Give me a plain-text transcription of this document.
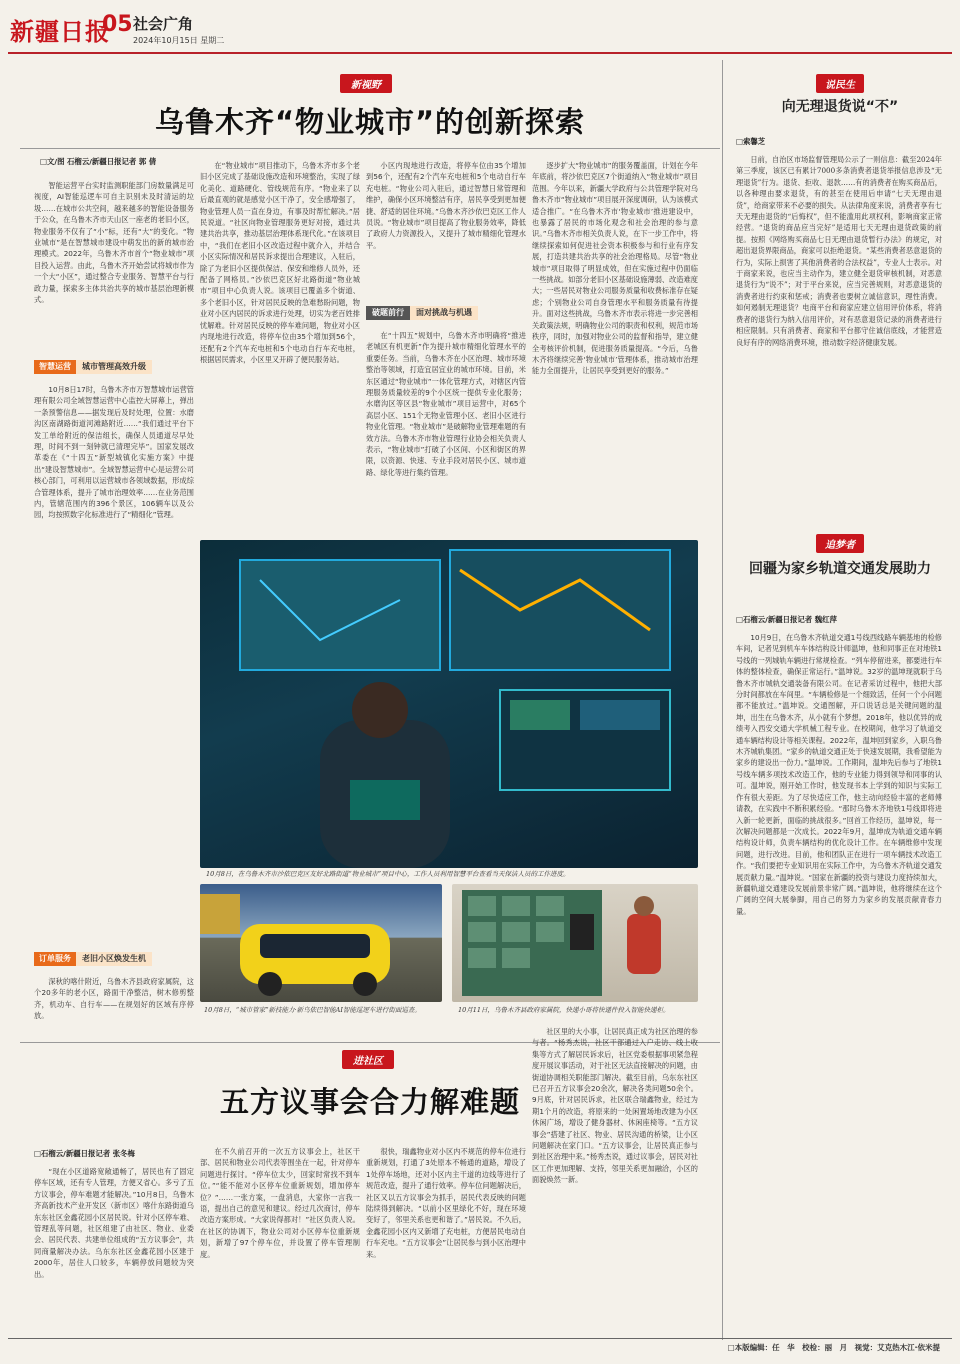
新疆日报
05 社会广角
2024年10月15日 星期二
新视野
乌鲁木齐“物业城市”的创新探索
□文/图 石榴云/新疆日报记者 郭 倩
智能运营平台实时监测职能部门房数量满足可视度，AI智能巡逻车可自主识别未及时清运的垃圾……在城市公共空间，越来越多的智能设备服务于公众，在乌鲁木齐市天山区一座老的老旧小区，物业服务不仅有了“小”标，还有“大”的变化。“物业城市”是在智慧城市建设中萌发出的新的城市治理模式。2022年，乌鲁木齐市首个“物业城市”项目投入运营。由此，乌鲁木齐开始尝试将城市作为一个大“小区”，通过整合专业服务、智慧平台与行政力量，探索多主体共治共享的城市基层治理新模式。
智慧运营	城市管理高效升级
10月8日17时，乌鲁木齐市万智慧城市运营管理有限公司全域智慧运营中心监控大屏幕上，弹出一条预警信息——据发现后及时处理，位置：水磨沟区南湖路街道河滩路附近……“我们通过平台下发工单给附近的保洁组长，确保人员通道尽早处理，时间不到一刻钟就已清理完毕”。国家发展改革委在《“十四五”新型城镇化实施方案》中提出“建设智慧城市”。全域智慧运营中心是运营公司核心部门，可利用以运营城市各领域数据，形成综合管理体系，提升了城市治理效率……在业务范围内，管辖范围内的396个景区，106辆车以及公园，均按照数字化标准进行了“精细化”管理。
在“物业城市”项目推动下，乌鲁木齐市多个老旧小区完成了基础设施改造和环境整治，实现了绿化美化、道路硬化、管线规范有序。“物业来了以后最直观的就是感觉小区干净了，安全感增强了，物业管理人员一直在身边，有事及时帮忙解决。”居民说道。“社区向物业管理服务更好对接，通过共建共治共享，推动基层治理体系现代化。”在该项目中，“我们在老旧小区改造过程中就介入，并结合小区实际情况和居民诉求提出合理建议，入驻后，除了为老旧小区提供保洁、保安和维修人员外，还配备了网格员。”沙依巴克区好北路街道“物业城市”项目中心负责人说。该项目已覆盖多个街道、多个老旧小区，针对居民反映的急难愁盼问题，物业对小区内居民的诉求进行处理，切实为老百姓排忧解难。针对居民反映的停车难问题，物业对小区内现地进行改造，将停车位由35个增加到56个，还配有2个汽车充电桩和5个电动自行车充电桩，根据居民需求，小区里又开辟了便民服务站。
小区内现地进行改造，将停车位由35个增加到56个，还配有2个汽车充电桩和5个电动自行车充电桩。“物业公司入驻后，通过智慧日常管理和维护，确保小区环境整洁有序，居民享受到更加便捷、舒适的居住环境。”乌鲁木齐沙依巴克区工作人员说。“物业城市”项目提高了物业服务效率，降低了政府人力资源投入，又提升了城市精细化管理水平。
破题前行	面对挑战与机遇
在“十四五”规划中，乌鲁木齐市明确将“推进老城区有机更新”作为提升城市精细化管理水平的重要任务。当前，乌鲁木齐在小区治理、城市环境整治等领域，打造宜居宜业的城市环境。目前，米东区通过“物业城市”一体化管理方式，对辖区内管理服务质量较差的9个小区统一提供专业化服务；水磨沟区等区县“物业城市”项目运营中，对65个高层小区、151个无物业管理小区、老旧小区进行物业化管理。“物业城市”是破解物业管理难题的有效方法。乌鲁木齐市物业管理行业协会相关负责人表示，“物业城市”打破了小区间、小区和街区的界限，以资源、快速、专业手段对居民小区、城市道路、绿化等进行集约管理。
逐步扩大“物业城市”的服务覆盖面，计划在今年年底前，将沙依巴克区7个街道纳入“物业城市”项目范围。今年以来，新疆大学政府与公共管理学院对乌鲁木齐市“物业城市”项目展开深度调研，认为该模式适合推广。“在乌鲁木齐市‘物业城市’推进建设中，也暴露了居民的市场化观念和社会治理的参与意识。”乌鲁木齐市相关负责人说，在下一步工作中，将继续探索如何促进社会资本积极参与和行业有序发展，打造共建共治共享的社会治理格局。尽管“物业城市”项目取得了明显成效，但在实施过程中仍面临一些挑战。如部分老旧小区基础设施薄弱、改造难度大；一些居民对物业公司服务质量和收费标准存在疑虑；个别物业公司自身管理水平和服务质量有待提升。面对这些挑战，乌鲁木齐市表示将进一步完善相关政策法规，明确物业公司的职责和权利，规范市场秩序，同时，加强对物业公司的监督和指导，建立健全考核评价机制，促进服务质量提高。“今后，乌鲁木齐将继续完善‘物业城市’管理体系，推动城市治理能力全面提升，让居民享受到更好的服务。”
10月8日，在乌鲁木齐市沙依巴克区友好北路街道“物业城市”项目中心，工作人员利用智慧平台查看当天保洁人员的工作进度。
10月8日，“城市管家”新技能力·新乌依巴智能AI智能巡逻车进行街面巡查。	10月11日，乌鲁木齐县政府家属院，快递小哥将快递件投入智能快递柜。
订单服务	老旧小区焕发生机
深秋的喀什附近，乌鲁木齐县政府家属院，这个20多年的老小区，路面干净整洁，树木修剪整齐，机动车、自行车——在规划好的区域有序停放。
说民生
向无理退货说“不”
□索馨芝
日前，自治区市场监督管理局公示了一则信息：截至2024年第三季度，该区已有累计7000多条消费者退货举报信息涉及“无理退货”行为。退货、拒收、退款……有的消费者在购买商品后，以各种理由要求退货，有的甚至在使用后申请“七天无理由退货”，给商家带来不必要的损失。从法律角度来说，消费者享有七天无理由退货的“后悔权”，但不能滥用此项权利，影响商家正常经营。“退货的商品应当完好”是适用七天无理由退货政策的前提。按照《网络购买商品七日无理由退货暂行办法》的规定，对超出退货界限商品，商家可以拒绝退货。“某些消费者恶意退货的行为，实际上损害了其他消费者的合法权益”，专业人士表示。对于商家来说，也应当主动作为，建立健全退货审核机制，对恶意退货行为“说不”；对于平台来说，应当完善规则，对恶意退货的消费者进行约束和惩戒；消费者也要树立诚信意识，理性消费。如何遏制无理退货？电商平台和商家应建立信用评价体系，将消费者的退货行为纳入信用评价，对有恶意退货记录的消费者进行相应限制。只有消费者、商家和平台都守住诚信底线，才能营造良好有序的网络消费环境，推动数字经济健康发展。
追梦者
回疆为家乡轨道交通发展助力
□石榴云/新疆日报记者 魏红萍
10月9日，在乌鲁木齐轨道交通1号线西线路车辆基地的检修车间，记者见到机车车体结构设计师温坤，他和同事正在对地铁1号线的一列城轨车辆进行常规检查。“列车停留进来，都要进行车体的整体检查，确保正常运行。”温坤说。32岁的温坤现就职于乌鲁木齐市城轨交通装备有限公司。在记者采访过程中，他把大部分时间都放在车间里。“车辆检修是一个细致活，任何一个小问题都不能放过。”温坤说。交通图解，开口说话总是关键问题的温坤，出生在乌鲁木齐，从小就有个梦想。2018年，他以优异的成绩考入西安交通大学机械工程专业。在校期间，他学习了轨道交通车辆结构设计等相关课程。2022年，温坤回到家乡，入职乌鲁木齐城轨集团。“家乡的轨道交通正处于快速发展期，我希望能为家乡的建设出一份力。”温坤说。工作期间，温坤先后参与了地铁1号线车辆多项技术改造工作，他的专业能力得到领导和同事的认可。温坤说，刚开始工作时，他发现书本上学到的知识与实际工作有很大差距。为了尽快适应工作，他主动向经验丰富的老师傅请教，在实践中不断积累经验。“那时乌鲁木齐地铁1号线即将进入新一轮更新，面临的挑战很多。”回首工作经历，温坤说，每一次解决问题都是一次成长。2022年9月，温坤成为轨道交通车辆结构设计师，负责车辆结构的优化设计工作。在车辆维修中发现问题，进行改进。目前，他和团队正在进行一项车辆技术改造工作。“我们要把专业知识用在实际工作中，为乌鲁木齐轨道交通发展贡献力量。”温坤说。“国家在新疆的投资与建设力度持续加大，新疆轨道交通建设发展前景非常广阔。”温坤说，他将继续在这个广阔的空间大展拳脚，用自己的努力为家乡的发展贡献青春力量。
进社区
五方议事会合力解难题
□石榴云/新疆日报记者 张冬梅
“现在小区道路宽敞通畅了，居民也有了固定停车区域，还有专人管理，方便又省心。多亏了五方议事会，停车难题才能解决。”10月8日，乌鲁木齐高新技术产业开发区（新市区）喀什东路街道乌东东社区金鑫花园小区居民说。针对小区停车难、管理乱等问题，社区组建了由社区、物业、业委会、居民代表、共建单位组成的“五方议事会”，共同商量解决办法。乌东东社区金鑫花园小区建于2000年，居住人口较多，车辆停放问题较为突出。
在不久前召开的一次五方议事会上，社区干部、居民和物业公司代表等围坐在一起，针对停车问题进行探讨。“停车位太少，回家时常找不到车位。”“能不能对小区停车位重新规划，增加停车位？”……一张方案，一盘消息，大家你一言我一语，提出自己的意见和建议。经过几次商讨，停车改造方案形成。“大家说得都对！”社区负责人说。在社区的协调下，物业公司对小区停车位重新规划，新增了97个停车位，并设置了停车管理制度。
很快，瑞鑫物业对小区内不规范的停车位进行重新规划，打通了3处原本不畅通的道路，增设了1处停车场地，还对小区内主干道的边线等进行了规范改造，提升了通行效率。停车位问题解决后，社区又以五方议事会为抓手，居民代表反映的问题陆续得到解决。“以前小区里绿化不好，现在环境变好了，邻里关系也更和谐了。”居民说。不久后，金鑫花园小区内又新增了充电桩，方便居民电动自行车充电。“五方议事会”让居民参与到小区治理中来。
社区里的大小事，让居民真正成为社区治理的参与者。“杨秀杰说，社区干部通过入户走访、线上收集等方式了解居民诉求后，社区党委根据事项紧急程度开展议事活动，对于社区无法直接解决的问题，由街道协调相关职能部门解决。截至目前，乌东东社区已召开五方议事会20余次，解决各类问题50余个。9月底，针对居民诉求，社区联合瑞鑫物业，经过为期1个月的改造，将原来的一处闲置场地改建为小区休闲广场，增设了健身器材、休闲座椅等。“五方议事会”搭建了社区、物业、居民沟通的桥梁，让小区问题解决在家门口。“五方议事会，让居民真正参与到社区治理中来。”杨秀杰说，通过议事会，居民对社区工作更加理解、支持，邻里关系更加融洽，小区的面貌焕然一新。
□本版编辑：任　华　校检：丽　月　视觉：艾克热木江·依米提
